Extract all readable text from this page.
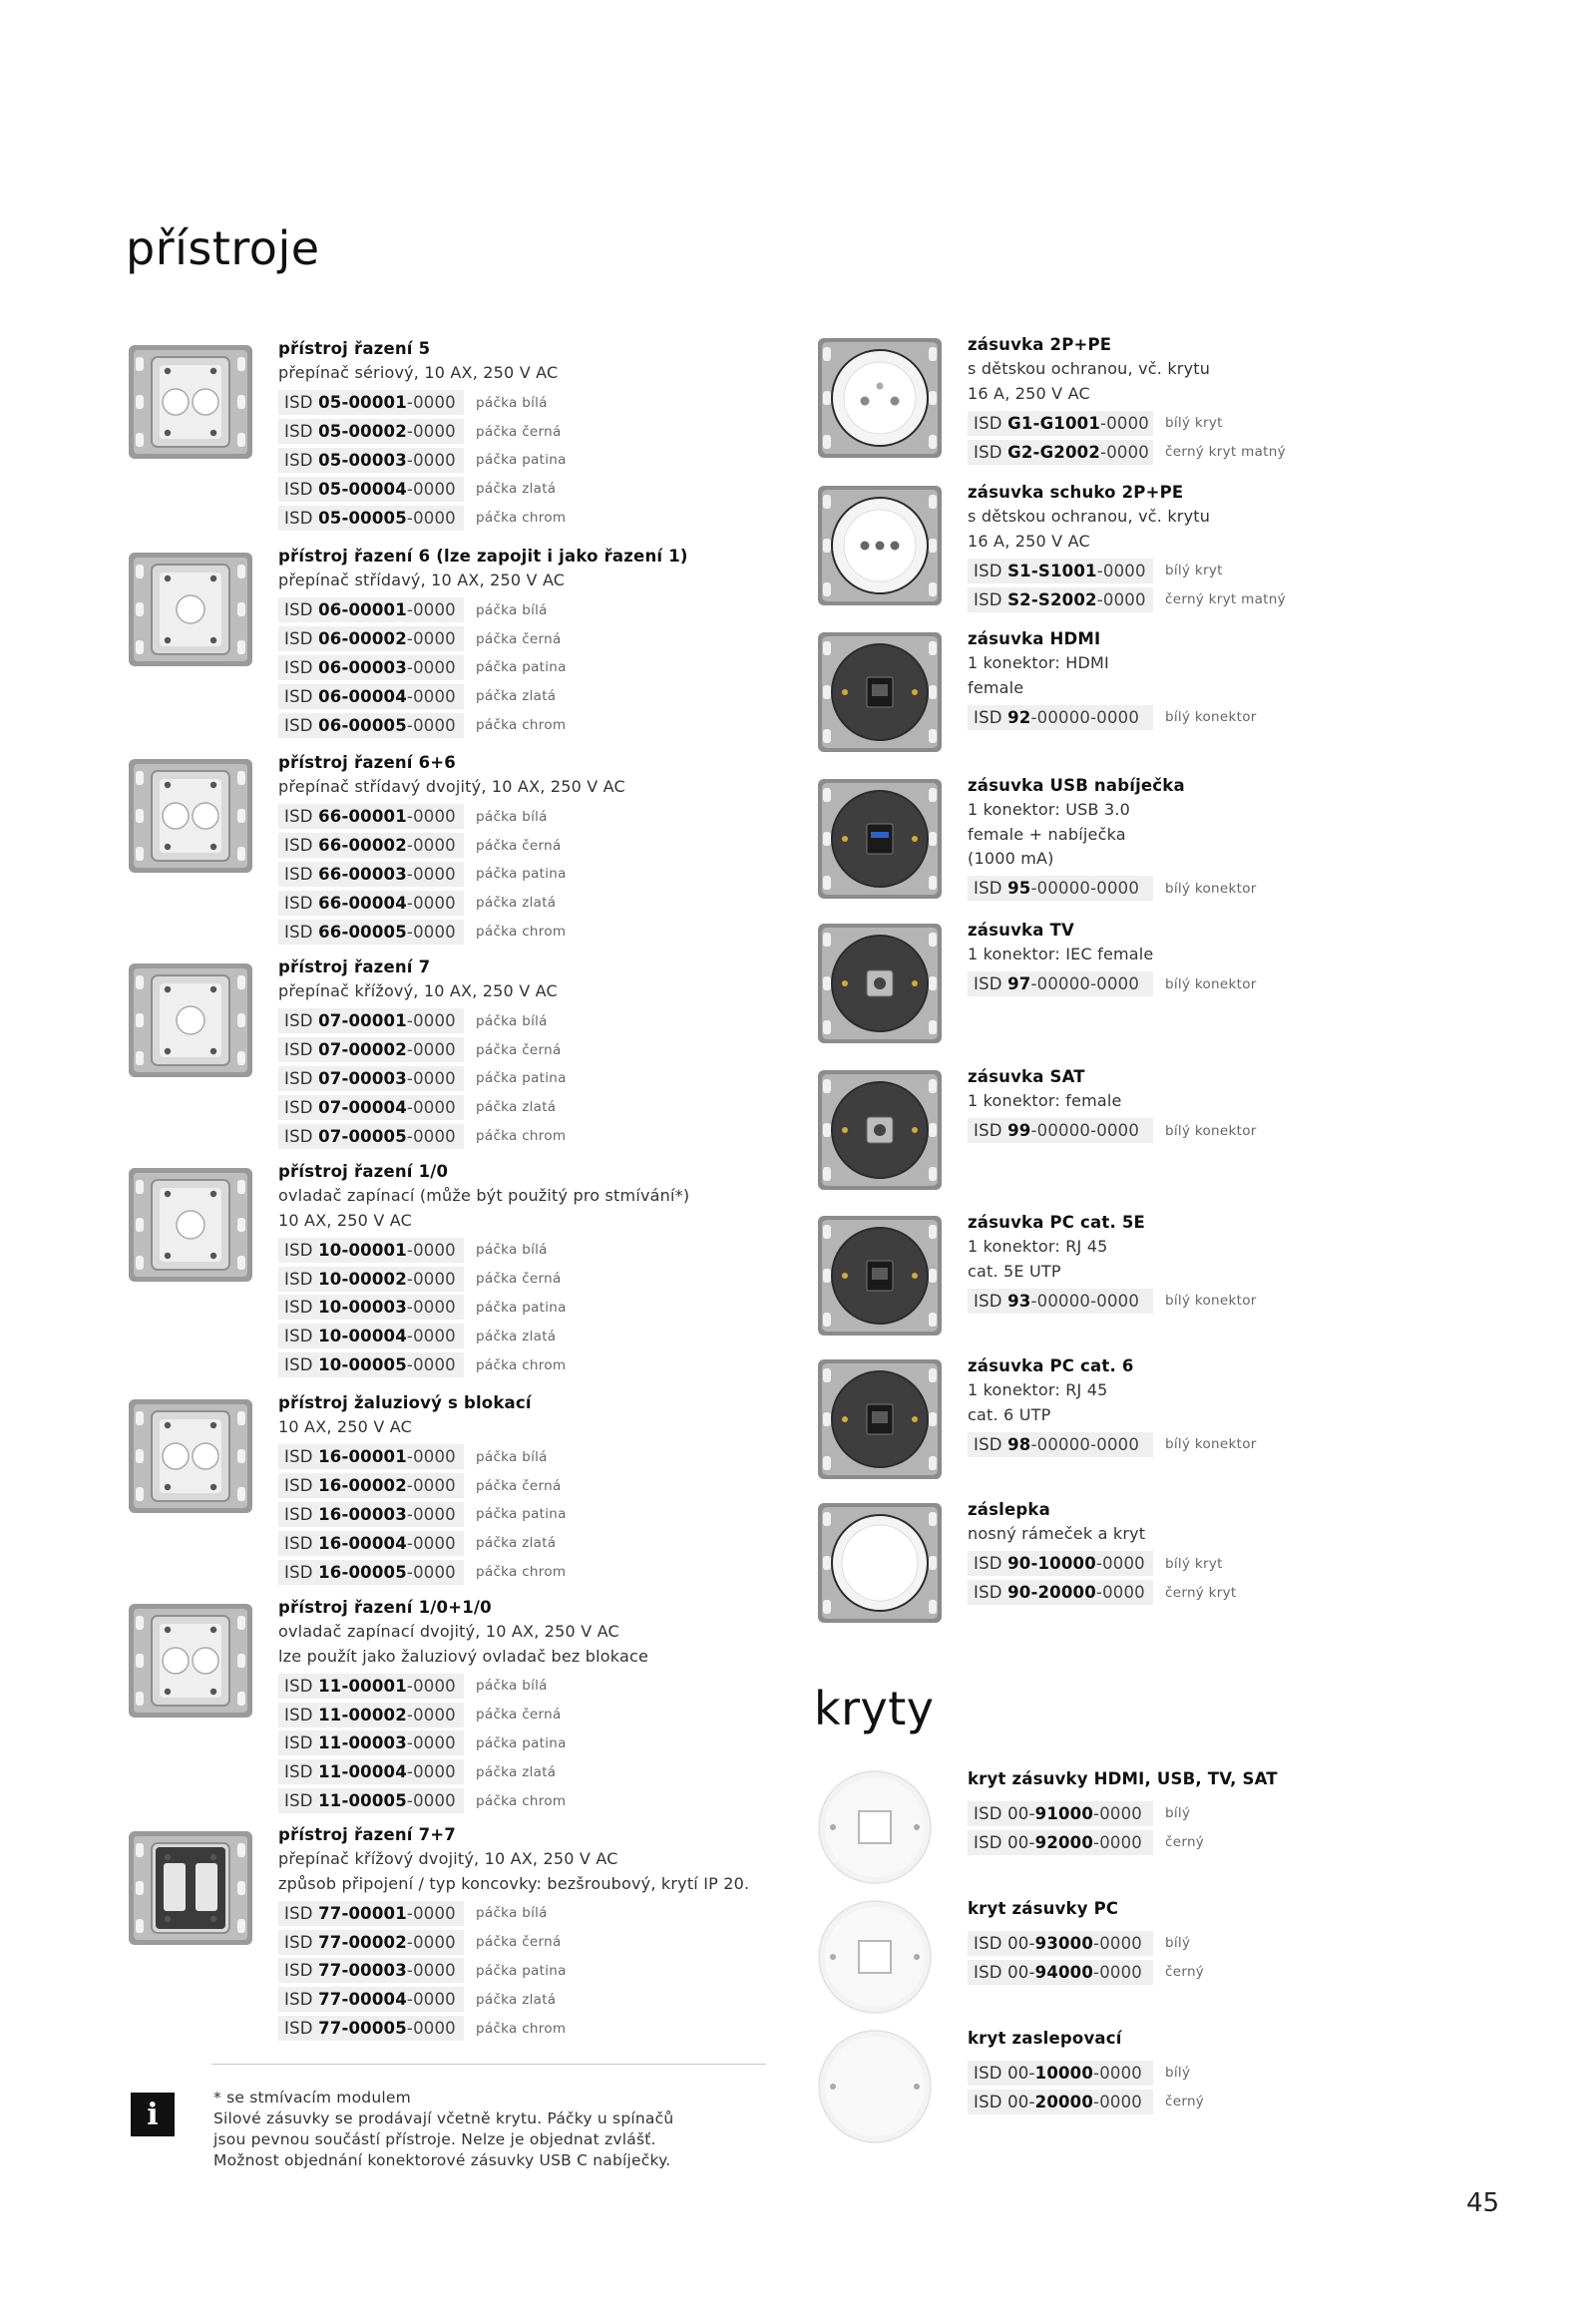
přístroje
kryty
přístroj řazení 5
přepínač sériový, 10 AX, 250 V AC
ISD 05-00001 -0000 páčka bílá
ISD 05-00002 -0000 páčka černá
ISD 05-00003 -0000 páčka patina
ISD 05-00004 -0000 páčka zlatá
ISD 05-00005 -0000 páčka chrom
přístroj řazení 6 (lze zapojit i jako řazení 1)
přepínač střídavý, 10 AX, 250 V AC
ISD 06-00001 -0000 páčka bílá
ISD 06-00002 -0000 páčka černá
ISD 06-00003 -0000 páčka patina
ISD 06-00004 -0000 páčka zlatá
ISD 06-00005 -0000 páčka chrom
přístroj řazení 6+6
přepínač střídavý dvojitý, 10 AX, 250 V AC
ISD 66-00001 -0000 páčka bílá
ISD 66-00002 -0000 páčka černá
ISD 66-00003 -0000 páčka patina
ISD 66-00004 -0000 páčka zlatá
ISD 66-00005 -0000 páčka chrom
přístroj řazení 7
přepínač křížový, 10 AX, 250 V AC
ISD 07-00001 -0000 páčka bílá
ISD 07-00002 -0000 páčka černá
ISD 07-00003 -0000 páčka patina
ISD 07-00004 -0000 páčka zlatá
ISD 07-00005 -0000 páčka chrom
přístroj řazení 1/0
ovladač zapínací (může být použitý pro stmívání*)
10 AX, 250 V AC
ISD 10-00001 -0000 páčka bílá
ISD 10-00002 -0000 páčka černá
ISD 10-00003 -0000 páčka patina
ISD 10-00004 -0000 páčka zlatá
ISD 10-00005 -0000 páčka chrom
přístroj žaluziový s blokací
10 AX, 250 V AC
ISD 16-00001 -0000 páčka bílá
ISD 16-00002 -0000 páčka černá
ISD 16-00003 -0000 páčka patina
ISD 16-00004 -0000 páčka zlatá
ISD 16-00005 -0000 páčka chrom
přístroj řazení 1/0+1/0
ovladač zapínací dvojitý, 10 AX, 250 V AC
lze použít jako žaluziový ovladač bez blokace
ISD 11-00001 -0000 páčka bílá
ISD 11-00002 -0000 páčka černá
ISD 11-00003 -0000 páčka patina
ISD 11-00004 -0000 páčka zlatá
ISD 11-00005 -0000 páčka chrom
přístroj řazení 7+7
přepínač křížový dvojitý, 10 AX, 250 V AC
způsob připojení / typ koncovky: bezšroubový, krytí IP 20.
ISD 77-00001 -0000 páčka bílá
ISD 77-00002 -0000 páčka černá
ISD 77-00003 -0000 páčka patina
ISD 77-00004 -0000 páčka zlatá
ISD 77-00005 -0000 páčka chrom
zásuvka 2P+PE
s dětskou ochranou, vč. krytu
16 A, 250 V AC
ISD G1-G1001 -0000 bílý kryt
ISD G2-G2002 -0000 černý kryt matný
zásuvka schuko 2P+PE
s dětskou ochranou, vč. krytu
16 A, 250 V AC
ISD S1-S1001 -0000 bílý kryt
ISD S2-S2002 -0000 černý kryt matný
zásuvka HDMI
1 konektor: HDMI
female
ISD 92 -00000-0000 bílý konektor
zásuvka USB nabíječka
1 konektor: USB 3.0
female + nabíječka
(1000 mA)
ISD 95 -00000-0000 bílý konektor
zásuvka TV
1 konektor: IEC female
ISD 97 -00000-0000 bílý konektor
zásuvka SAT
1 konektor: female
ISD 99 -00000-0000 bílý konektor
zásuvka PC cat. 5E
1 konektor: RJ 45
cat. 5E UTP
ISD 93 -00000-0000 bílý konektor
zásuvka PC cat. 6
1 konektor: RJ 45
cat. 6 UTP
ISD 98 -00000-0000 bílý konektor
záslepka
nosný rámeček a kryt
ISD 90-10000 -0000 bílý kryt
ISD 90-20000 -0000 černý kryt
kryt zásuvky HDMI, USB, TV, SAT
ISD 00- 91000 -0000 bílý
ISD 00- 92000 -0000 černý
kryt zásuvky PC
ISD 00- 93000 -0000 bílý
ISD 00- 94000 -0000 černý
kryt zaslepovací
ISD 00- 10000 -0000 bílý
ISD 00- 20000 -0000 černý
i	* se stmívacím modulem
Silové zásuvky se prodávají včetně krytu. Páčky u spínačů
jsou pevnou součástí přístroje. Nelze je objednat zvlášť.
Možnost objednání konektorové zásuvky USB C nabíječky.
45
